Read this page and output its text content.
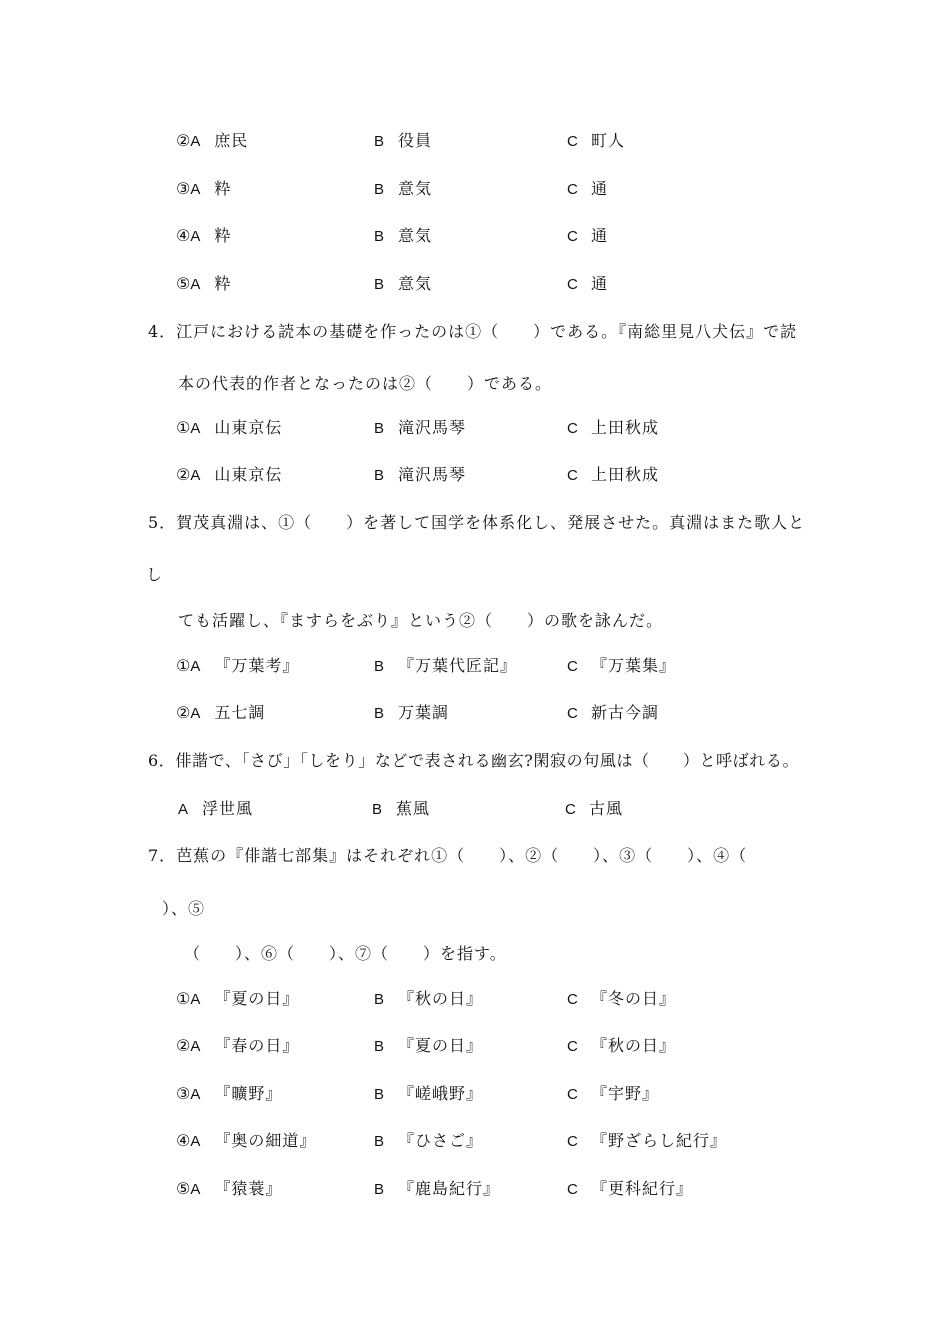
②A 庶民	B 役員	C 町人
③A 粋	B 意気	C 通
④A 粋	B 意気	C 通
⑤A 粋	B 意気	C 通
4．江戸における読本の基礎を作ったのは①（　　）である。『南総里見八犬伝』で読
本の代表的作者となったのは②（　　）である。
①A 山東京伝	B 滝沢馬琴	C 上田秋成
②A 山東京伝	B 滝沢馬琴	C 上田秋成
5．賀茂真淵は、①（　　）を著して国学を体系化し、発展させた。真淵はまた歌人と
し
ても活躍し、『ますらをぶり』という②（　　）の歌を詠んだ。
①A 『万葉考』	B 『万葉代匠記』	C 『万葉集』
②A 五七調	B 万葉調	C 新古今調
6．俳諧で、「さび」「しをり」などで表される幽玄?閑寂の句風は（　　）と呼ばれる。
A 浮世風	B 蕉風	C 古風
7．芭蕉の『俳諧七部集』はそれぞれ①（　　）、②（　　）、③（　　）、④（
）、⑤
（　　）、⑥（　　）、⑦（　　）を指す。
①A 『夏の日』	B 『秋の日』	C 『冬の日』
②A 『春の日』	B 『夏の日』	C 『秋の日』
③A 『曠野』	B 『嵯峨野』	C 『宇野』
④A 『奥の細道』	B 『ひさご』	C 『野ざらし紀行』
⑤A 『猿蓑』	B 『鹿島紀行』	C 『更科紀行』
